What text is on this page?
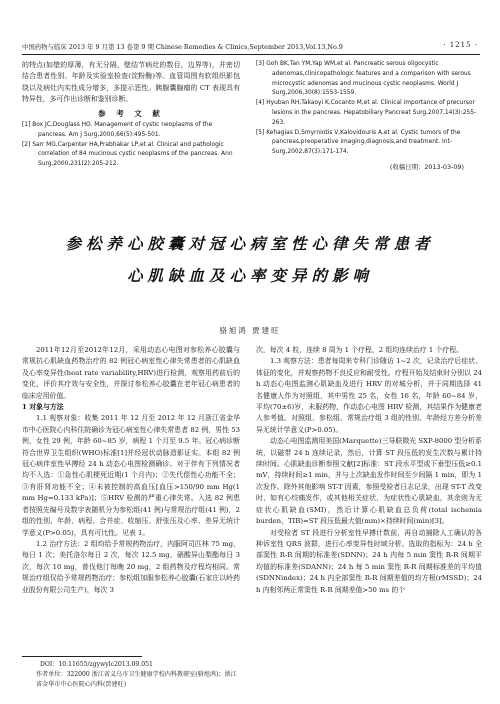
中国药物与临床 2013 年 9 月第 13 卷第 9 期 Chinese Remedies & Clinics,September 2013,Vol.13,No.9	· 1215 ·

的特点(如壁的厚薄，有无分隔，壁结节病灶的数目，边界等)，并密切结合患者性别、年龄及实验室检查(淀粉酶)等。血管周围有软组织影包绕以及病灶内实性成分增多，多提示恶性。胰腺囊腺瘤的 CT 表现具有特异性，多可作出诊断和鉴别诊断。

参 考 文 献
[1] Box JC,Douglass HO. Management of cystic neoplasms of the pancreas. Am J Surg,2000,66(5):495-501.
[2] Sarr MG,Carpenter HA,Prabhakar LP,et al. Clinical and pathologic correlation of 84 mucinous cystic neoplasms of the pancreas. Ann Surg,2000,231(2):205-212.
[3] Goh BK,Tan YM,Yap WM,et al. Pancreatic serous oligocystic adenomas,clinicopathologic features and a comparison with serous microcystic adenomas and mucinous cystic neoplasms. World J Surg,2006,30(8):1553-1559.
[4] Hyuban RH,Takaoyi K,Cocanto M,et al. Clinical importance of precursor lesions in the pancreas. Hepatobiliary Pancreat Surg,2007,14(3):255-263.
[5] Kehagias D,Smyrniotis V,Kalovidouris A,et al. Cystic tumors of the pancreas,preoperative imaging,diagnosis,and treatment. Int-Surg,2002,87(3):171-174.
(收稿日期：2013-03-09)
参松养心胶囊对冠心病室性心律失常患者
心肌缺血及心率变异的影响
骆旭鸿 贾建旺

2011年12月至2012年12月，采用动态心电图对参松养心胶囊与常规抗心肌缺血药物治疗的 82 例冠心病室性心律失常患者的心肌缺血及心率变异性(heat rate variability,HRV)进行检测，观察用药前后的变化，评价其疗效与安全性，并探讨参松养心胶囊在老年冠心病患者的临床应用价值。

1 对象与方法

1.1 观察对象：收集 2011 年 12 月至 2012 年 12 月浙江省金华市中心医院心内科住院确诊为冠心病室性心律失常患者 82 例，男性 53 例，女性 29 例，年龄 60~85 岁，病程 1 个月至 9.5 年。冠心病诊断符合世界卫生组织(WHO)标准[1]并经冠状动脉造影证实。本组 82 例冠心病伴室性早搏经 24 h 动态心电图检测确诊。对于伴有下列情况者均不入选：①急性心肌梗死近期(1 个月内)；②失代偿性心功能不全；③有肝肾功能不全；④未被控制的高血压[血压>150/90 mm Hg(1 mm Hg=0.133 kPa)]；⑤HRV 检测的严重心律失常。入选 82 例患者按照先编号及数字表随机分为参松组(41 例)与常规治疗组(41 例)，2 组的性别、年龄、病程、合并症、收缩压、舒张压及心率、差异无统计学意义(P>0.05)，具有可比性。见表 1。

1.2 治疗方法：2 组均给予常规药物治疗，内服阿司匹林 75 mg，每日 1 次；美托洛尔每日 2 次，每次 12.5 mg，硝酸异山梨酯每日 3 次，每次 10 mg，普伐他汀每晚 20 mg，2 组药物及疗程均相同。常规治疗组仅给予常规药物治疗；参松组加服参松养心胶囊(石家庄以岭药业股份有限公司生产)，每次 3

DOI：10.11655/zgywylc2013.09.051
作者单位：322000 浙江省义乌市卫生健康学校内科教研室(骆旭鸿)；浙江省金华市中心医院心内科(贾建旺)

次，每次 4 粒，连续 8 周为 1 个疗程，2 组均连续治疗 1 个疗程。

1.3 观察方法：患者每周来专科门诊随访 1~2 次，记录治疗后症状、体征的变化，并观察药物不良反应和耐受性。疗程开始及结束时分别以 24 h 动态心电图监测心肌缺血及进行 HRV 的对城分析，并于同期选择 41 名健康人作为对照组，其中男性 25 名，女性 16 名，年龄 60~84 岁，平均(70±6)岁，未服药物，作动态心电图 HRV 检测，其结果作为健康老人参考值。对照组、参松组、常规治疗组 3 组的性别、年龄经方差分析差异无统计学意义(P>0.05)。

动态心电图监测用美国(Marquette)三导联微光 SXP-8000 型分析系统，以磁带 24 h 连续记录，然后，计算 ST 段压低的发生次数与累计持续时间。心肌缺血诊断参照文献[2]标准：ST 段水平型或下垂型压低≥0.1 mV，持续时间≥1 min，并与上次缺血发作时间至少间隔 1 min，即为 1 次发作。除外其他影响 ST-T 因素，参照受检者日志记录，出现 ST-T 改变时，如有心绞痛发作，或其他相关症状，为症状性心肌缺血，其余则为无症状心肌缺血(SMI)，然后计算心肌缺血总负荷(total ischemia burden，TIB)=ST 段压低最大值(mm)×持续时间(min)[3]。

对受检者 ST 段进行分析室性早搏计数前，再自动捕除人工确认的各种诉室性 QRS 波群，进行心率变异性时域分析。选取的指标为：24 h 全部窦性 R-R 间期的标准差(SDNN)；24 h 内每 5 min 窦性 R-R 间期平均值的标准差(SDANN)；24 h 每 5 min 窦性 R-R 间期标准差的平均值(SDNNindex)；24 h 内全部窦性 R-R 间期差值的均方根(rMSSD)；24 h 内相邻两正常窦性 R-R 间期差值>50 ms 的个
